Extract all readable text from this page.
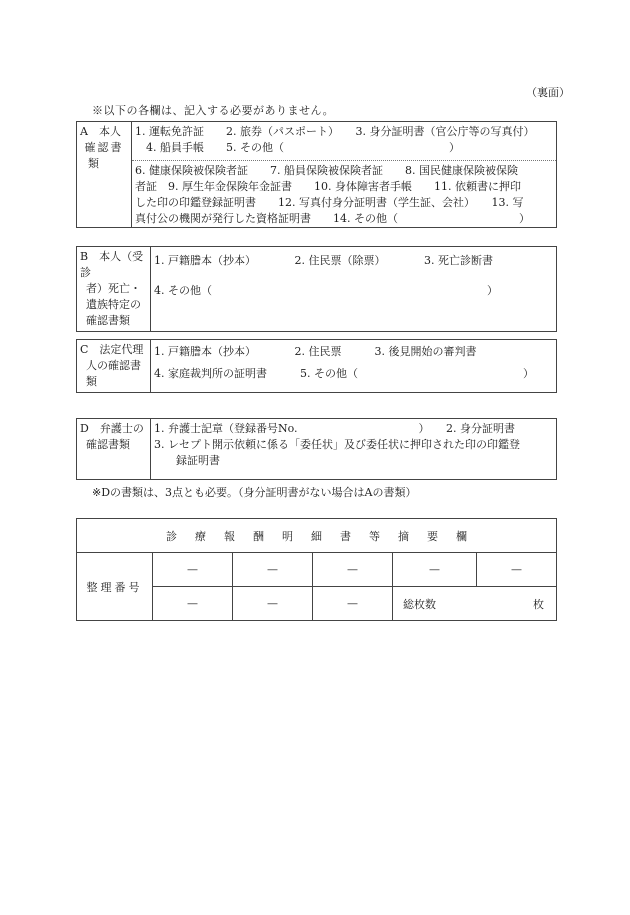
（裏面）
※以下の各欄は、記入する必要がありません。
A　本人
確認書
類

1. 運転免許証　　2. 旅券（パスポート）　　3. 身分証明書（官公庁等の写真付）
　4. 船員手帳　　5. その他（　　　　　　　　　　　　　　　）
6. 健康保険被保険者証　　7. 船員保険被保険者証　　8. 国民健康保険被保険
者証　9. 厚生年金保険年金証書　　10. 身体障害者手帳　　11. 依頼書に押印
した印の印鑑登録証明書　　12. 写真付身分証明書（学生証、会社）　　13. 写
真付公の機関が発行した資格証明書　　14. その他（　　　　　　　　　　　）
B　本人（受診
者）死亡・
遺族特定の
確認書類

1. 戸籍謄本（抄本）　　　　2. 住民票（除票）　　　　3. 死亡診断書
4. その他（　　　　　　　　　　　　　　　　　　　　　　　　　）
C　法定代理
人の確認書
類

1. 戸籍謄本（抄本）　　　　2. 住民票　　　3. 後見開始の審判書
4. 家庭裁判所の証明書　　　5. その他（　　　　　　　　　　　　　　　）
D　弁護士の
確認書類

1. 弁護士記章（登録番号No.　　　　　　　　　　　）　　2. 身分証明書
3. レセプト開示依頼に係る「委任状」及び委任状に押印された印の印鑑登
　　録証明書
※Dの書類は、3点とも必要。（身分証明書がない場合はAの書類）
診療報酬明細書等摘要欄					
整理番号	—	—	—	—	—
	—	—	—	総枚数 枚	
